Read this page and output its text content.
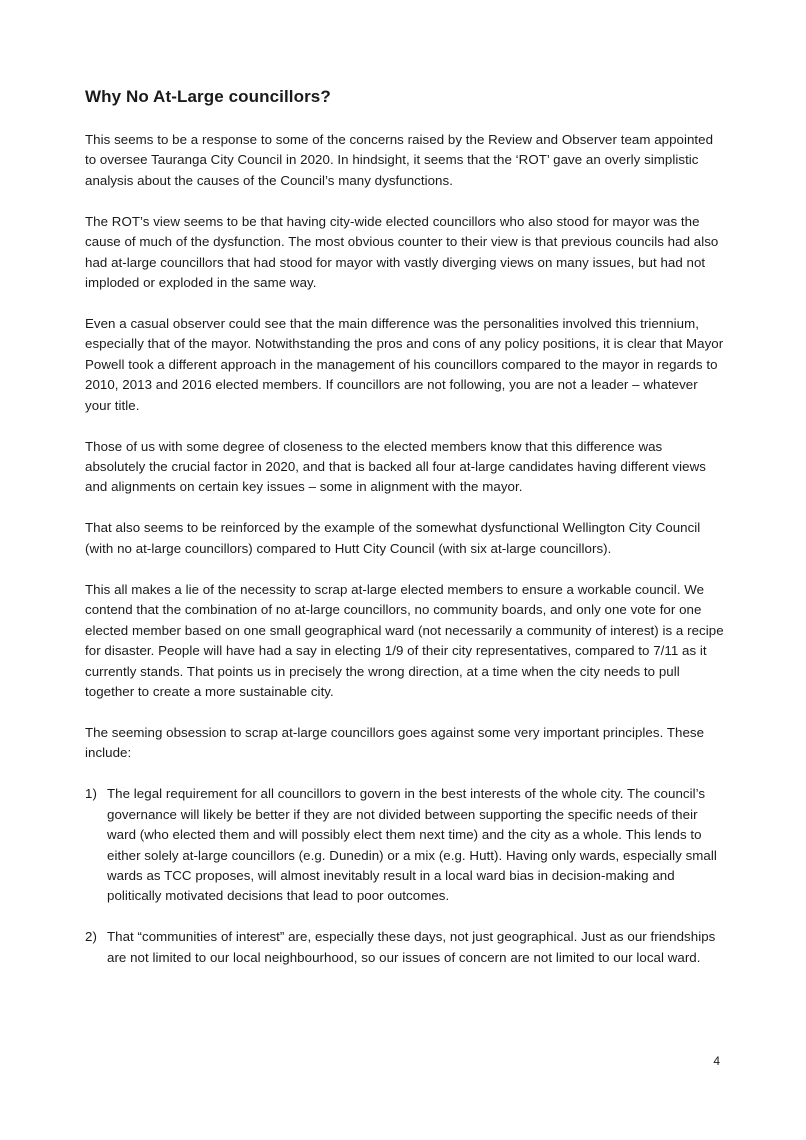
Why No At-Large councillors?

This seems to be a response to some of the concerns raised by the Review and Observer team appointed to oversee Tauranga City Council in 2020. In hindsight, it seems that the ‘ROT’ gave an overly simplistic analysis about the causes of the Council’s many dysfunctions.

The ROT’s view seems to be that having city-wide elected councillors who also stood for mayor was the cause of much of the dysfunction. The most obvious counter to their view is that previous councils had also had at-large councillors that had stood for mayor with vastly diverging views on many issues, but had not imploded or exploded in the same way.

Even a casual observer could see that the main difference was the personalities involved this triennium, especially that of the mayor. Notwithstanding the pros and cons of any policy positions, it is clear that Mayor Powell took a different approach in the management of his councillors compared to the mayor in regards to 2010, 2013 and 2016 elected members. If councillors are not following, you are not a leader – whatever your title.

Those of us with some degree of closeness to the elected members know that this difference was absolutely the crucial factor in 2020, and that is backed all four at-large candidates having different views and alignments on certain key issues – some in alignment with the mayor.

That also seems to be reinforced by the example of the somewhat dysfunctional Wellington City Council (with no at-large councillors) compared to Hutt City Council (with six at-large councillors).

This all makes a lie of the necessity to scrap at-large elected members to ensure a workable council. We contend that the combination of no at-large councillors, no community boards, and only one vote for one elected member based on one small geographical ward (not necessarily a community of interest) is a recipe for disaster. People will have had a say in electing 1/9 of their city representatives, compared to 7/11 as it currently stands. That points us in precisely the wrong direction, at a time when the city needs to pull together to create a more sustainable city.

The seeming obsession to scrap at-large councillors goes against some very important principles. These include:

1) The legal requirement for all councillors to govern in the best interests of the whole city. The council’s governance will likely be better if they are not divided between supporting the specific needs of their ward (who elected them and will possibly elect them next time) and the city as a whole. This lends to either solely at-large councillors (e.g. Dunedin) or a mix (e.g. Hutt). Having only wards, especially small wards as TCC proposes, will almost inevitably result in a local ward bias in decision-making and politically motivated decisions that lead to poor outcomes.
2) That “communities of interest” are, especially these days, not just geographical. Just as our friendships are not limited to our local neighbourhood, so our issues of concern are not limited to our local ward.
4
